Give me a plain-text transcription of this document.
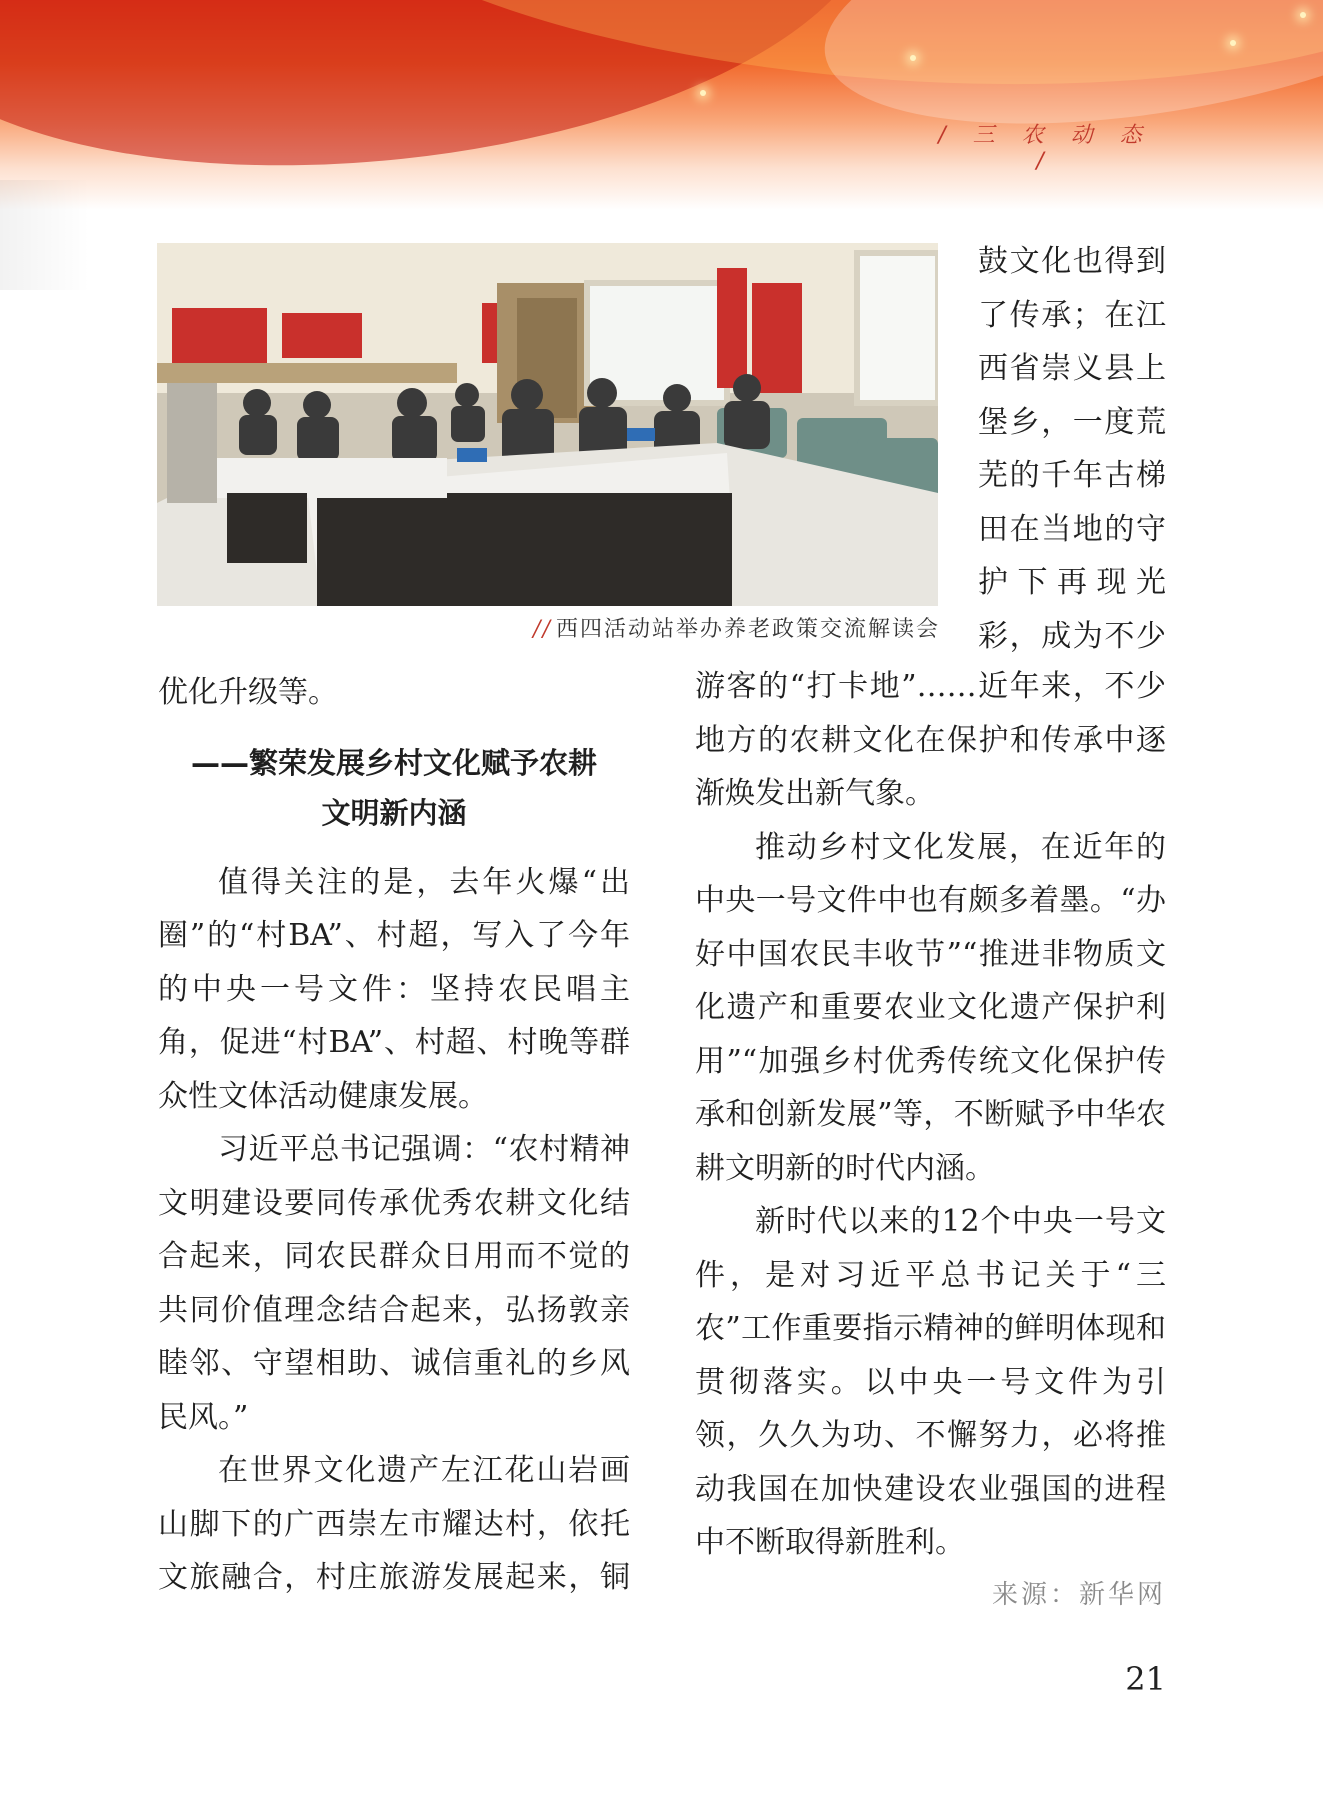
/ 三 农 动 态 /
// 西四活动站举办养老政策交流解读会

鼓文化也得到

了传承；在江

西省崇义县上

堡乡，一度荒

芜的千年古梯

田在当地的守

护下再现光

彩，成为不少

优化升级等。

——繁荣发展乡村文化赋予农耕
文明新内涵

值得关注的是，去年火爆“出圈”的“村BA”、村超，写入了今年的中央一号文件：坚持农民唱主角，促进“村BA”、村超、村晚等群众性文体活动健康发展。

习近平总书记强调：“农村精神文明建设要同传承优秀农耕文化结合起来，同农民群众日用而不觉的共同价值理念结合起来，弘扬敦亲睦邻、守望相助、诚信重礼的乡风民风。”

在世界文化遗产左江花山岩画山脚下的广西崇左市耀达村，依托文旅融合，村庄旅游发展起来，铜

游客的“打卡地”……近年来，不少地方的农耕文化在保护和传承中逐渐焕发出新气象。

推动乡村文化发展，在近年的中央一号文件中也有颇多着墨。“办好中国农民丰收节”“推进非物质文化遗产和重要农业文化遗产保护利用”“加强乡村优秀传统文化保护传承和创新发展”等，不断赋予中华农耕文明新的时代内涵。

新时代以来的12个中央一号文件，是对习近平总书记关于“三农”工作重要指示精神的鲜明体现和贯彻落实。以中央一号文件为引领，久久为功、不懈努力，必将推动我国在加快建设农业强国的进程中不断取得新胜利。

来源：新华网
21
